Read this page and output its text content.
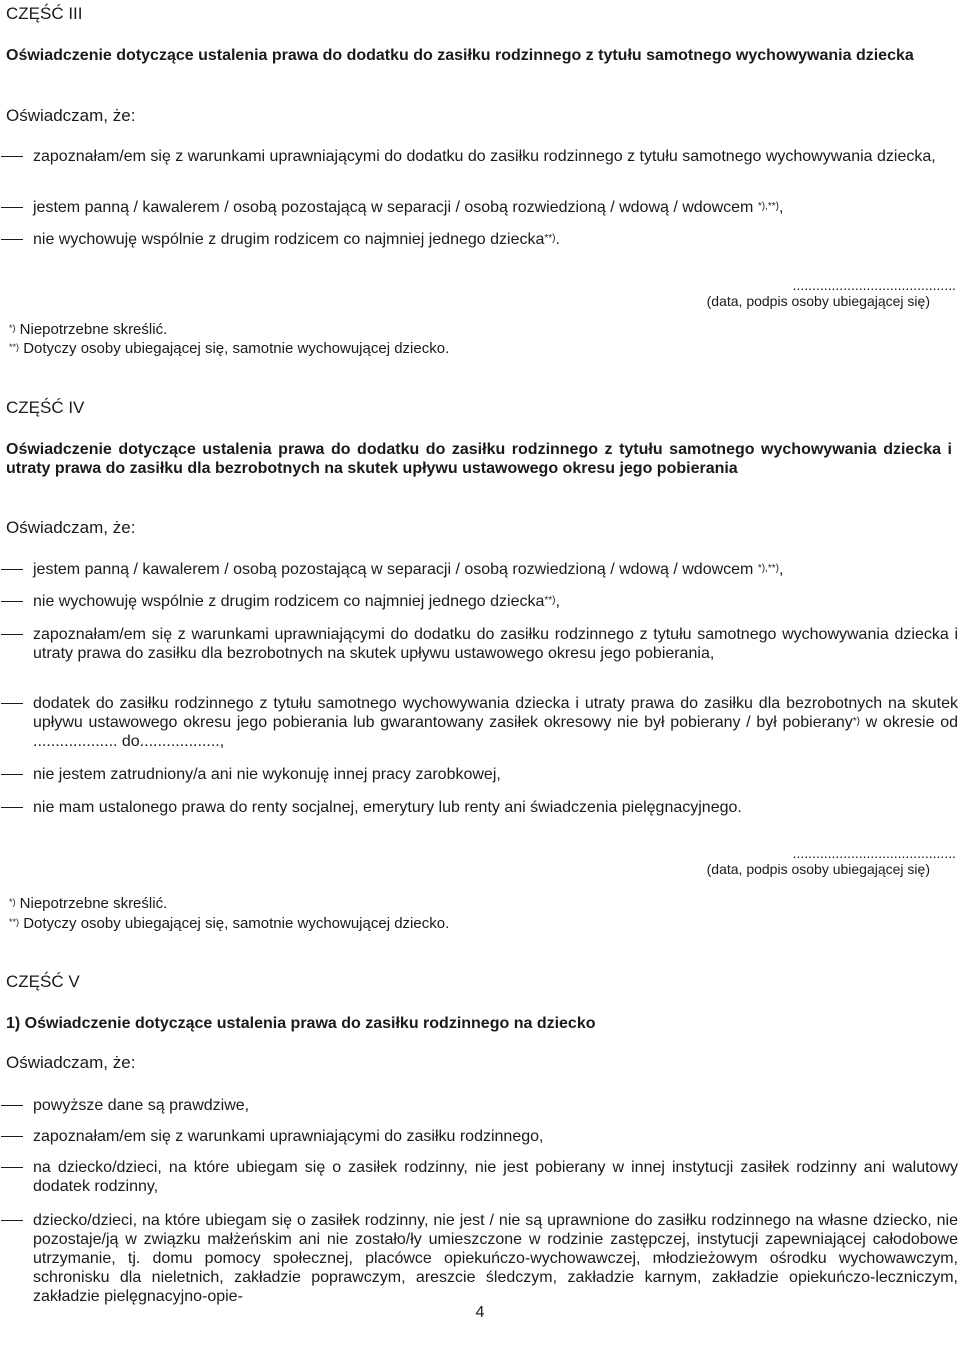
CZĘŚĆ III
Oświadczenie dotyczące ustalenia prawa do dodatku do zasiłku rodzinnego z tytułu samotnego wychowywania dziecka
Oświadczam, że:
zapoznałam/em się z warunkami uprawniającymi do dodatku do zasiłku rodzinnego z tytułu samotnego wychowywania dziecka,
jestem panną / kawalerem / osobą pozostającą w separacji / osobą rozwiedzioną / wdową / wdowcem *),**),
nie wychowuję wspólnie z drugim rodzicem co najmniej jednego dziecka**).
..........................................
(data, podpis osoby ubiegającej się)
*) Niepotrzebne skreślić.
**) Dotyczy osoby ubiegającej się, samotnie wychowującej dziecko.
CZĘŚĆ IV
Oświadczenie dotyczące ustalenia prawa do dodatku do zasiłku rodzinnego z tytułu samotnego wychowywania dziecka i utraty prawa do zasiłku dla bezrobotnych na skutek upływu ustawowego okresu jego pobierania
Oświadczam, że:
jestem panną / kawalerem / osobą pozostającą w separacji / osobą rozwiedzioną / wdową / wdowcem *),**),
nie wychowuję wspólnie z drugim rodzicem co najmniej jednego dziecka**),
zapoznałam/em się z warunkami uprawniającymi do dodatku do zasiłku rodzinnego z tytułu samotnego wychowywania dziecka i utraty prawa do zasiłku dla bezrobotnych na skutek upływu ustawowego okresu jego pobierania,
dodatek do zasiłku rodzinnego z tytułu samotnego wychowywania dziecka i utraty prawa do zasiłku dla bezrobotnych na skutek upływu ustawowego okresu jego pobierania lub gwarantowany zasiłek okresowy nie był pobierany / był pobierany*) w okresie od ................... do..................,
nie jestem zatrudniony/a ani nie wykonuję innej pracy zarobkowej,
nie mam ustalonego prawa do renty socjalnej, emerytury lub renty ani świadczenia pielęgnacyjnego.
..........................................
(data, podpis osoby ubiegającej się)
*) Niepotrzebne skreślić.
**) Dotyczy osoby ubiegającej się, samotnie wychowującej dziecko.
CZĘŚĆ V
1) Oświadczenie dotyczące ustalenia prawa do zasiłku rodzinnego na dziecko
Oświadczam, że:
powyższe dane są prawdziwe,
zapoznałam/em się z warunkami uprawniającymi do zasiłku rodzinnego,
na dziecko/dzieci, na które ubiegam się o zasiłek rodzinny, nie jest pobierany w innej instytucji zasiłek rodzinny ani walutowy dodatek rodzinny,
dziecko/dzieci, na które ubiegam się o zasiłek rodzinny, nie jest / nie są uprawnione do zasiłku rodzinnego na własne dziecko, nie pozostaje/ją w związku małżeńskim ani nie zostało/ły umieszczone w rodzinie zastępczej, instytucji zapewniającej całodobowe utrzymanie, tj. domu pomocy społecznej, placówce opiekuńczo-wychowawczej, młodzieżowym ośrodku wychowawczym, schronisku dla nieletnich, zakładzie poprawczym, areszcie śledczym, zakładzie karnym, zakładzie opiekuńczo-leczniczym, zakładzie pielęgnacyjno-opie-
4
